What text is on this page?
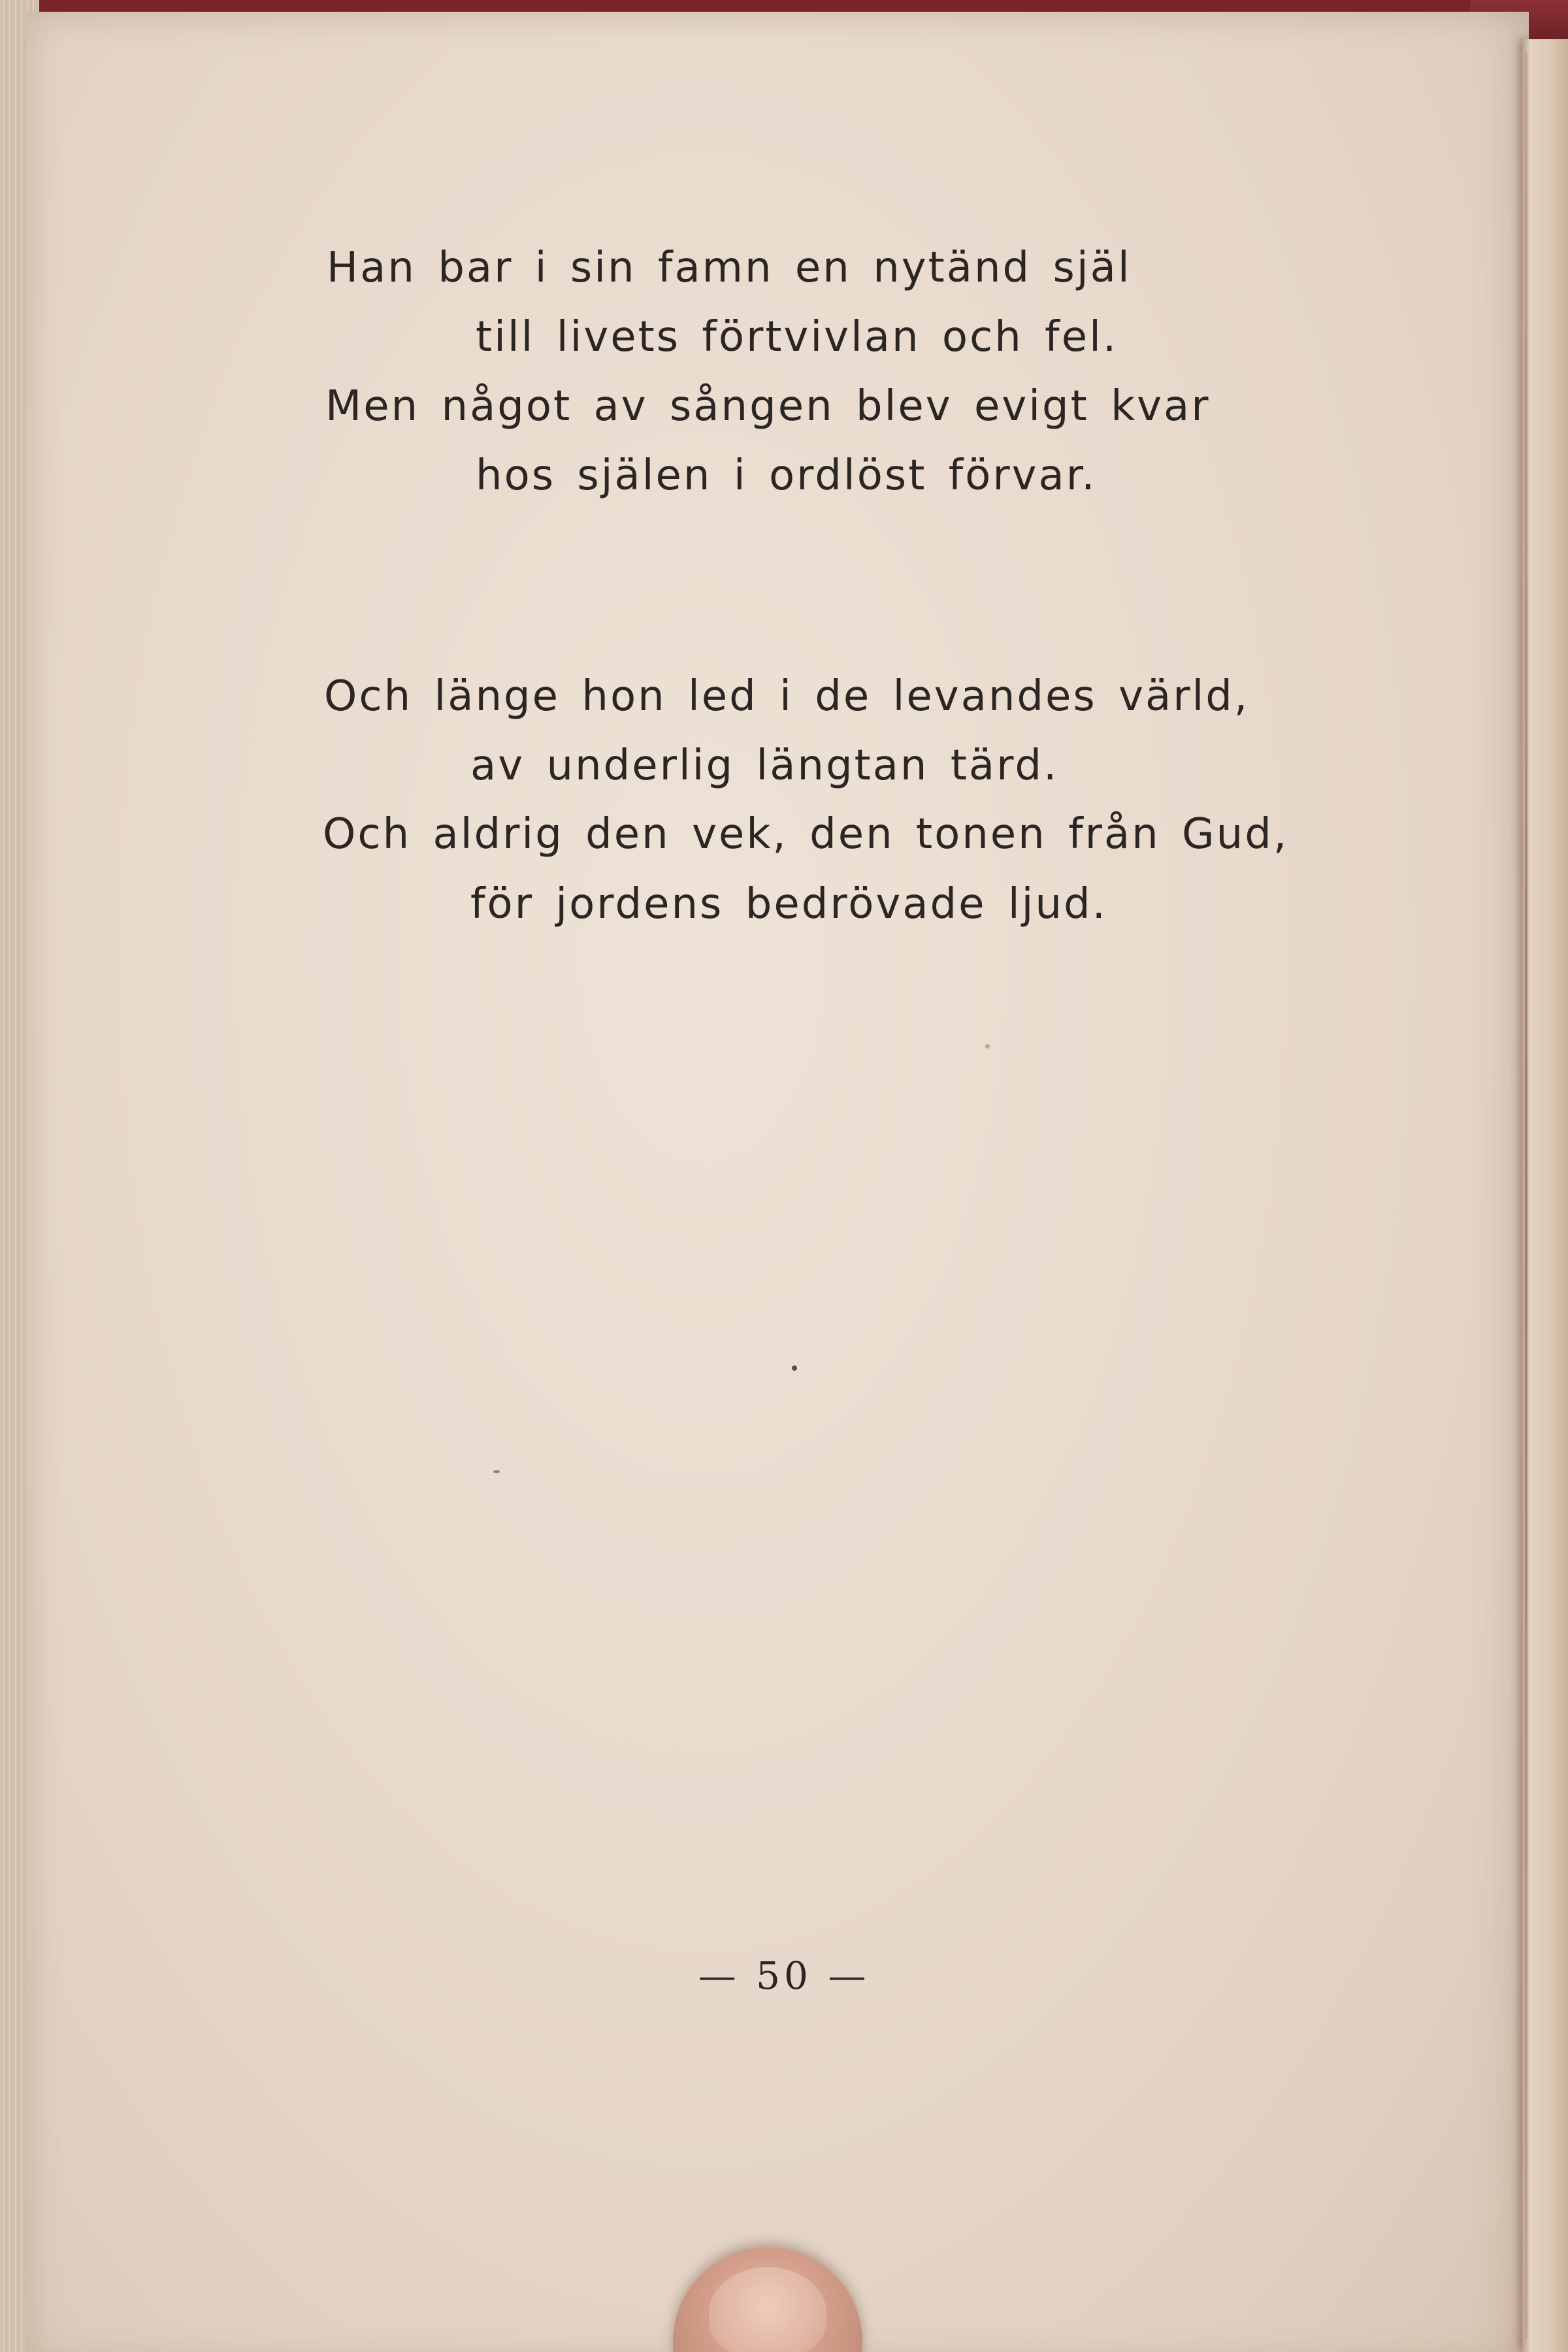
Han bar i sin famn en nytänd själ
till livets förtvivlan och fel.
Men något av sången blev evigt kvar
hos själen i ordlöst förvar.
Och länge hon led i de levandes värld,
av underlig längtan tärd.
Och aldrig den vek, den tonen från Gud,
för jordens bedrövade ljud.
— 50 —
